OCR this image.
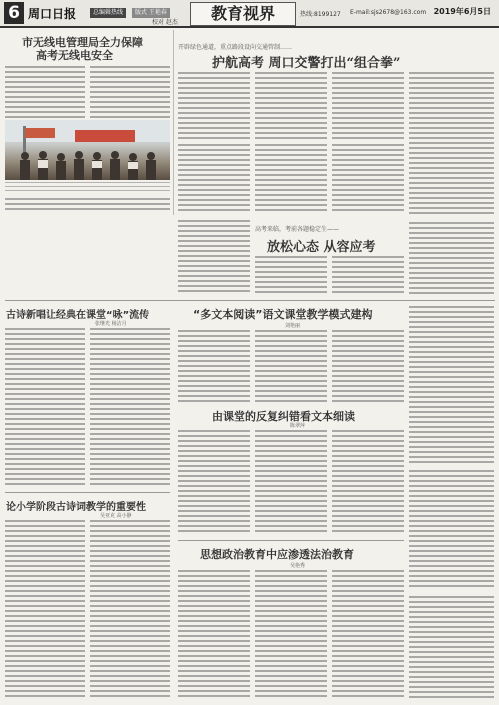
6 周口日报	总编辑热线	版式 王艳春
校对 赵杰	教育视界	热线:8199127 E-mail:sjs2678@163.com 2019年6月5日
市无线电管理局全力保障
高考无线电安全
开辟绿色通道，重点路段设向交通管制……
护航高考 周口交警打出“组合拳”
高考来临，考前各题稳定生——
放松心态 从容应考
古诗新唱让经典在课堂“咏”流传
张继光 杨洁月
“多文本阅读”语文课堂教学模式建构
刘艳丽
由课堂的反复纠错看文本细读
陈翠萍
论小学阶段古诗词教学的重要性
吴亚克 高小静
思想政治教育中应渗透法治教育
吴艳秀
